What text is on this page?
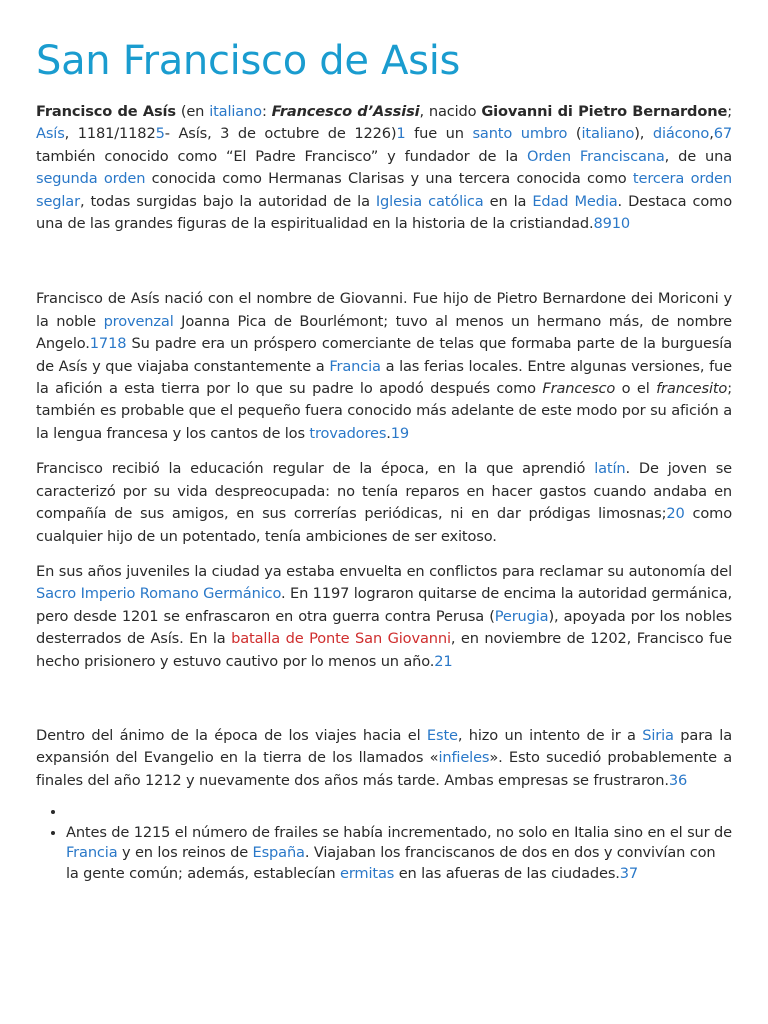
San Francisco de Asis

Francisco de Asís (en italiano: Francesco d’Assisi, nacido Giovanni di Pietro Bernardone; Asís, 1181/11825- Asís, 3 de octubre de 1226)1 fue un santo umbro (italiano), diácono,67 también conocido como “El Padre Francisco” y fundador de la Orden Franciscana, de una segunda orden conocida como Hermanas Clarisas y una tercera conocida como tercera orden seglar, todas surgidas bajo la autoridad de la Iglesia católica en la Edad Media. Destaca como una de las grandes figuras de la espiritualidad en la historia de la cristiandad.8910

Francisco de Asís nació con el nombre de Giovanni. Fue hijo de Pietro Bernardone dei Moriconi y la noble provenzal Joanna Pica de Bourlémont; tuvo al menos un hermano más, de nombre Angelo.1718 Su padre era un próspero comerciante de telas que formaba parte de la burguesía de Asís y que viajaba constantemente a Francia a las ferias locales. Entre algunas versiones, fue la afición a esta tierra por lo que su padre lo apodó después como Francesco o el francesito; también es probable que el pequeño fuera conocido más adelante de este modo por su afición a la lengua francesa y los cantos de los trovadores.19

Francisco recibió la educación regular de la época, en la que aprendió latín. De joven se caracterizó por su vida despreocupada: no tenía reparos en hacer gastos cuando andaba en compañía de sus amigos, en sus correrías periódicas, ni en dar pródigas limosnas;20 como cualquier hijo de un potentado, tenía ambiciones de ser exitoso.

En sus años juveniles la ciudad ya estaba envuelta en conflictos para reclamar su autonomía del Sacro Imperio Romano Germánico. En 1197 lograron quitarse de encima la autoridad germánica, pero desde 1201 se enfrascaron en otra guerra contra Perusa (Perugia), apoyada por los nobles desterrados de Asís. En la batalla de Ponte San Giovanni, en noviembre de 1202, Francisco fue hecho prisionero y estuvo cautivo por lo menos un año.21

Dentro del ánimo de la época de los viajes hacia el Este, hizo un intento de ir a Siria para la expansión del Evangelio en la tierra de los llamados «infieles». Esto sucedió probablemente a finales del año 1212 y nuevamente dos años más tarde. Ambas empresas se frustraron.36

•
• Antes de 1215 el número de frailes se había incrementado, no solo en Italia sino en el sur de Francia y en los reinos de España. Viajaban los franciscanos de dos en dos y convivían con la gente común; además, establecían ermitas en las afueras de las ciudades.37
